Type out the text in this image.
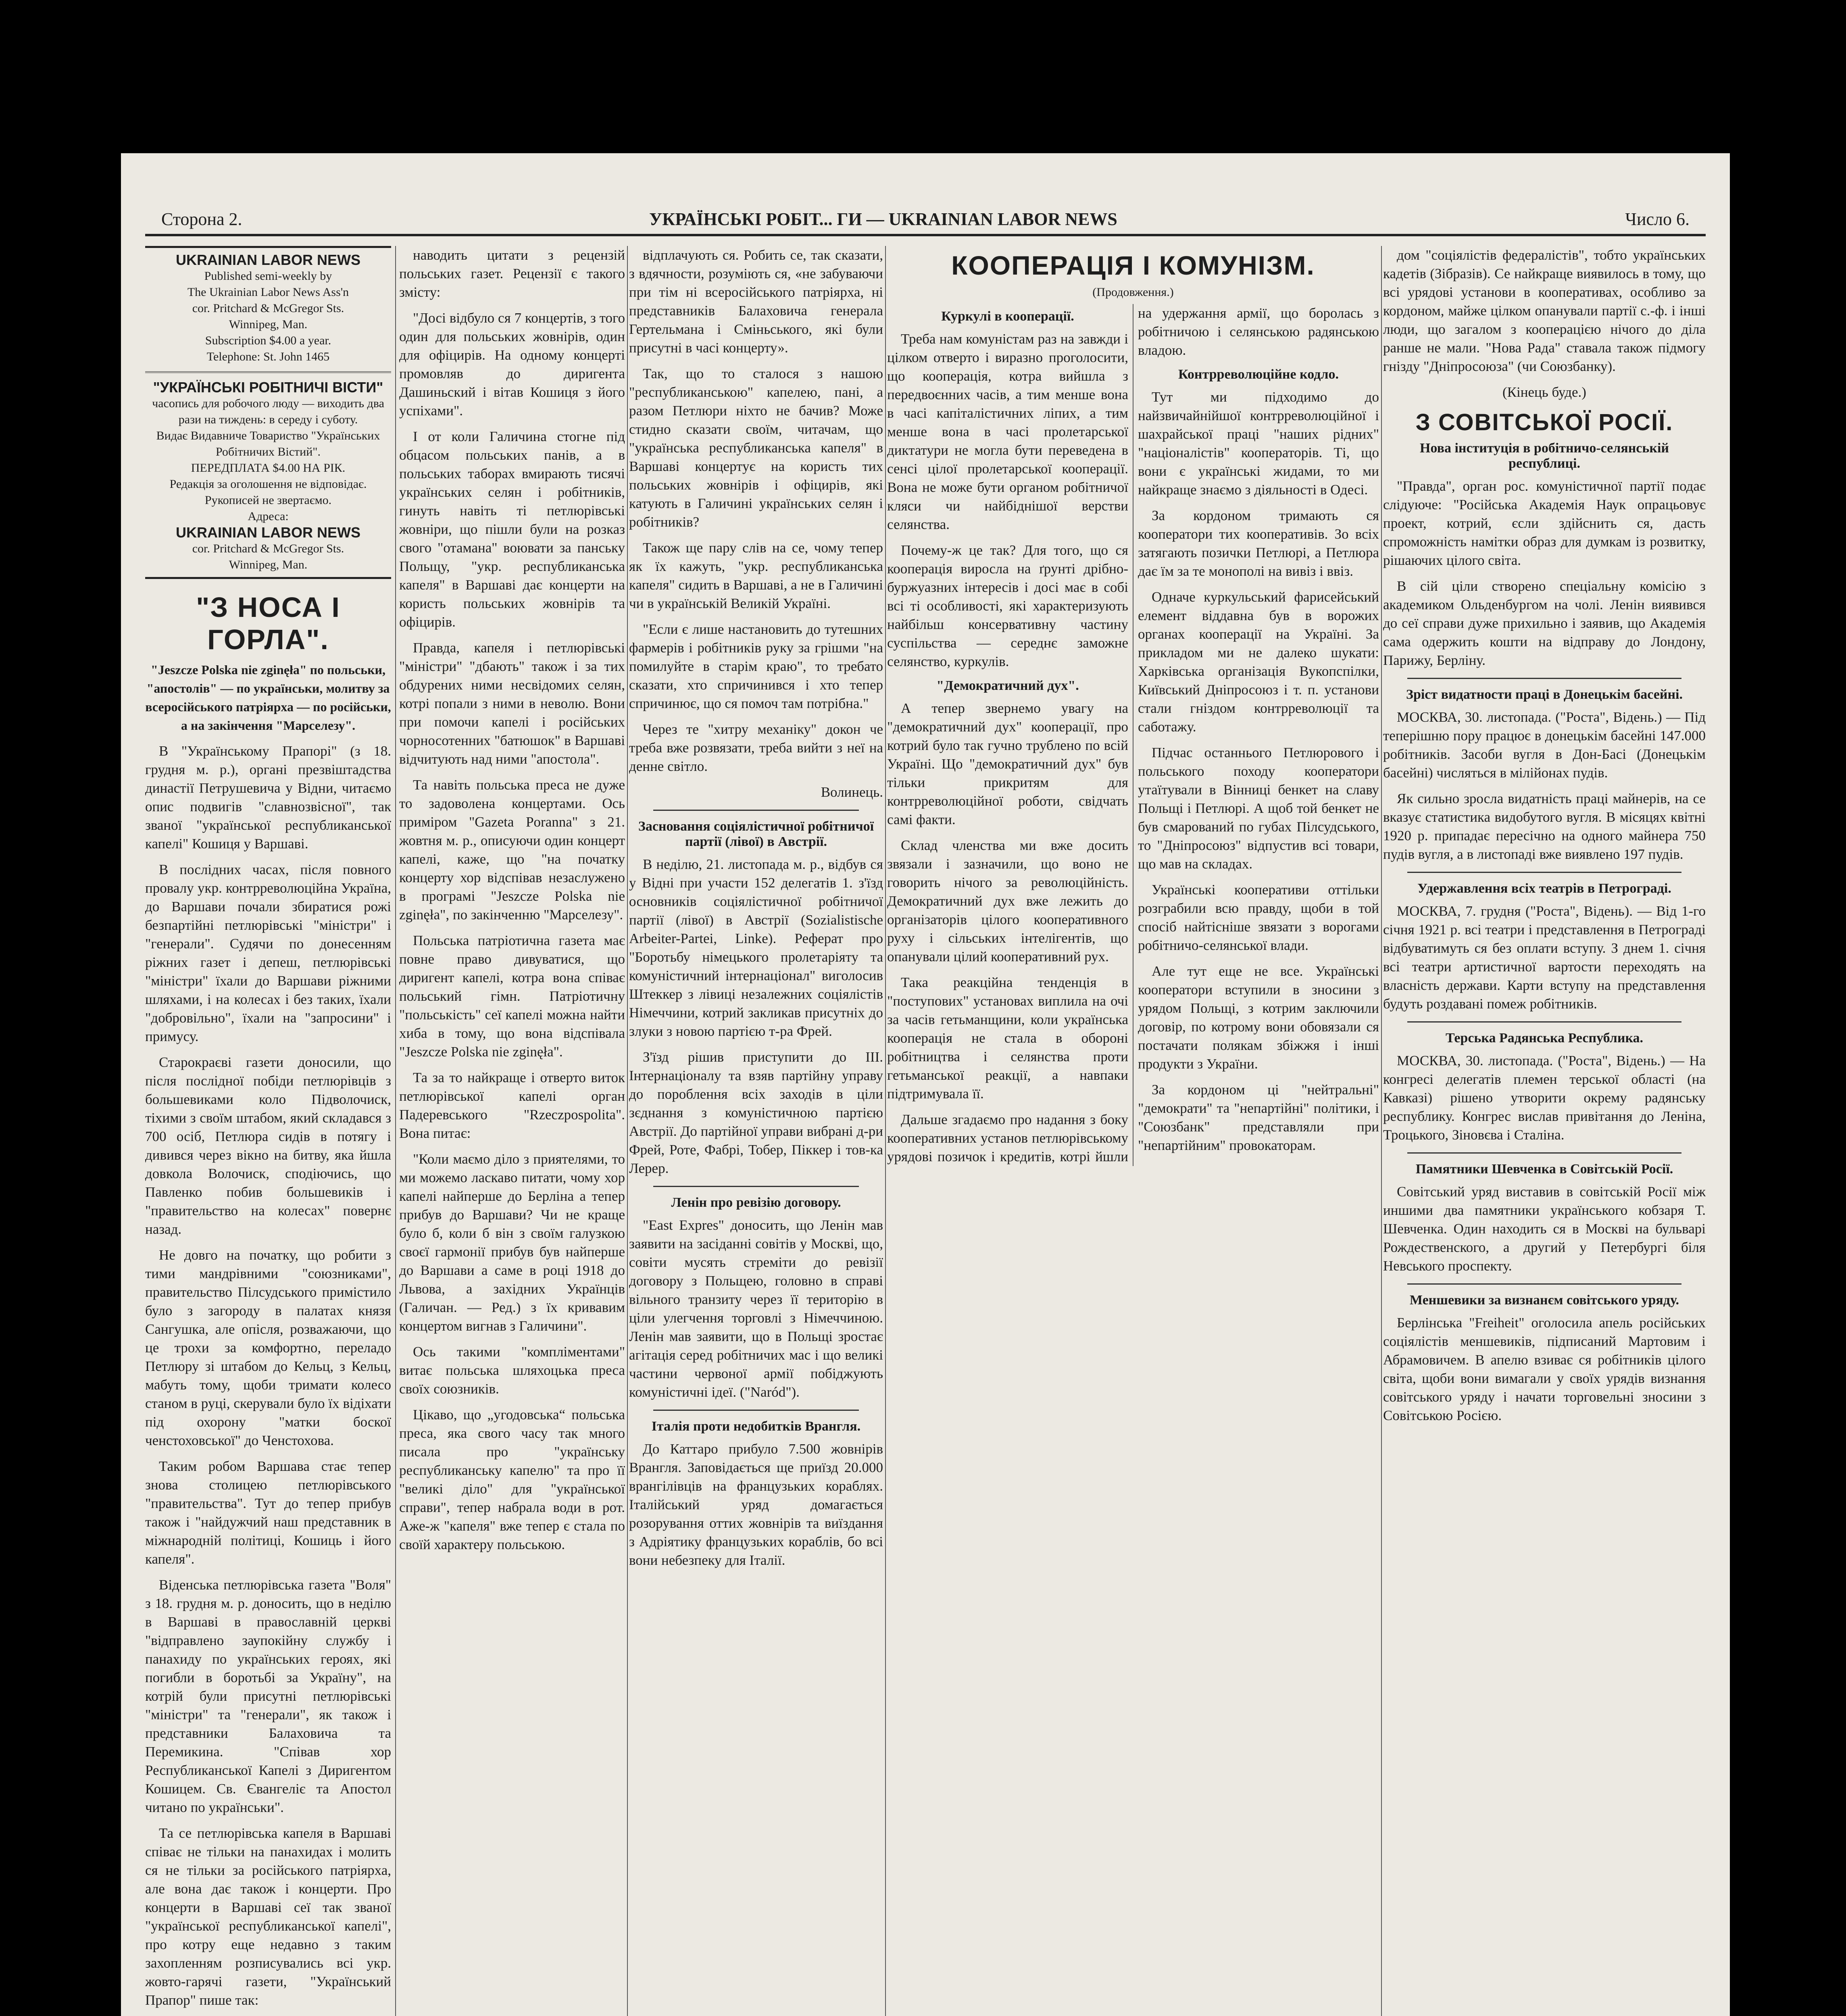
Сторона 2.	УКРАЇНСЬКІ РОБІТ... ГИ — UKRAINIAN LABOR NEWS	Число 6.
UKRAINIAN LABOR NEWS
Published semi-weekly by
The Ukrainian Labor News Ass'n
cor. Pritchard & McGregor Sts.
Winnipeg, Man.
Subscription $4.00 a year.
Telephone: St. John 1465
"УКРАЇНСЬКІ РОБІТНИЧІ ВІСТИ"
часопись для робочого люду — виходить два рази на тиждень: в середу і суботу.
Видає Видавниче Товариство "Українських Робітничих Вістий".
ПЕРЕДПЛАТА $4.00 НА РІК.
Редакція за оголошення не відповідає. Рукописей не звертаємо.
Адреса:
UKRAINIAN LABOR NEWS
cor. Pritchard & McGregor Sts.
Winnipeg, Man.
"З НОСА І ГОРЛА".

"Jeszcze Polska nie zginęła" по польськи, "апостолів" — по українськи, молитву за всеросійського патріярха — по російськи, а на закінчення "Марселезу".

В "Українському Прапорі" (з 18. грудня м. р.), органі презвіштадства династії Петрушевича у Відни, читаємо опис подвигів "славнозвісної", так званої "української республиканської капелі" Кошиця у Варшаві.

В послідних часах, після повного провалу укр. контрреволюційна Україна, до Варшави почали збиратися рожі безпартійні петлюрівські "міністри" і "генерали". Судячи по донесенням ріжних газет і депеш, петлюрівські "міністри" їхали до Варшави ріжними шляхами, і на колесах і без таких, їхали "добровільно", їхали на "запросини" і примусу.

Старокраєві газети доносили, що після послідної побіди петлюрівців з большевиками коло Підволочиск, тіхими з своїм штабом, який складався з 700 осіб, Петлюра сидів в потягу і дивився через вікно на битву, яка йшла довкола Волочиск, сподіючись, що Павленко побив большевиків і "правительство на колесах" повернє назад.

Не довго на початку, що робити з тими мандрівними "союзниками", правительство Пілсудського примістило було з загороду в палатах князя Сангушка, але опісля, розважаючи, що це трохи за комфортно, переладо Петлюру зі штабом до Кельц, з Кельц, мабуть тому, щоби тримати колесо станом в руці, скерували було їх відіхати під охорону "матки боскої ченстоховської" до Ченстохова.

Таким робом Варшава стає тепер знова столицею петлюрівського "правительства". Тут до тепер прибув також і "найдужчий наш представник в міжнародній політиці, Кошиць і його капеля".

Віденська петлюрівська газета "Воля" з 18. грудня м. р. доносить, що в неділю в Варшаві в православній церкві "відправлено заупокійну службу і панахиду по українських героях, які погибли в боротьбі за Україну", на котрій були присутні петлюрівські "міністри" та "генерали", як також і представники Балаховича та Перемикина. "Співав хор Республиканської Капелі з Диригентом Кошицем. Св. Євангеліє та Апостол читано по українськи".

Та се петлюрівська капеля в Варшаві співає не тільки на панахидах і молить ся не тільки за російського патріярха, але вона дає також і концерти. Про концерти в Варшаві сеї так званої "української республиканської капелі", про котру еще недавно з таким захопленням розписувались всі укр. жовто-гарячі газети, "Український Прапор" пише так:

наводить цитати з рецензій польських газет. Рецензії є такого змісту:

"Досі відбуло ся 7 концертів, з того один для польських жовнірів, один для офіцирів. На одному концерті промовляв до диригента Дашиньский і вітав Кошиця з його успіхами".

І от коли Галичина стогне під обцасом польських панів, а в польських таборах вмирають тисячі українських селян і робітників, гинуть навіть ті петлюрівські жовніри, що пішли були на розказ свого "отамана" воювати за панську Польщу, "укр. республиканська капеля" в Варшаві дає концерти на користь польських жовнірів та офіцирів.

Правда, капеля і петлюрівські "міністри" "дбають" також і за тих обдурених ними несвідомих селян, котрі попали з ними в неволю. Вони при помочи капелі і російських чорносотенних "батюшок" в Варшаві відчитують над ними "апостола".

Та навіть польська преса не дуже то задоволена концертами. Ось приміром "Gazeta Poranna" з 21. жовтня м. р., описуючи один концерт капелі, каже, що "на початку концерту хор відспівав незаслужено в програмі "Jeszcze Polska nie zginęła", по закінченню "Марселезу".

Польська патріотична газета має повне право дивуватися, що диригент капелі, котра вона співає польський гімн. Патріотичну "польськість" сеї капелі можна найти хиба в тому, що вона відспівала "Jeszcze Polska nie zginęła".

Та за то найкраще і отверто виток петлюрівської капелі орган Падеревського "Rzeczpospolita". Вона питає:

"Коли маємо діло з приятелями, то ми можемо ласкаво питати, чому хор капелі найперше до Берліна а тепер прибув до Варшави? Чи не краще було б, коли б він з своїм галузкою своєї гармонії прибув був найперше до Варшави а саме в році 1918 до Львова, а західних Українців (Галичан. — Ред.) з їх кривавим концертом вигнав з Галичини".

Ось такими "компліментами" витає польська шляхоцька преса своїх союзників.

Цікаво, що „угодовська“ польська преса, яка свого часу так много писала про "українську республиканську капелю" та про її "великі діло" для "української справи", тепер набрала води в рот. Аже-ж "капеля" вже тепер є стала по своїй характеру польською.

відплачують ся. Робить се, так сказати, з вдячности, розуміють ся, «не забуваючи при тім ні всеросійського патріярха, ні представників Балаховича генерала Гертельмана і Сміньського, які були присутні в часі концерту».

Так, що то сталося з нашою "республиканською" капелею, пані, а разом Петлюри ніхто не бачив? Може стидно сказати своїм, читачам, що "українська республиканська капеля" в Варшаві концертує на користь тих польських жовнірів і офіцирів, які катують в Галичині українських селян і робітників?

Також ще пару слів на се, чому тепер як їх кажуть, "укр. республиканська капеля" сидить в Варшаві, а не в Галичині чи в українській Великій Україні.

"Если є лише настановить до тутешних фармерів і робітників руку за грішми "на помилуйте в старім краю", то требато сказати, хто спричинився і хто тепер спричинює, що ся помоч там потрібна."

Через те "хитру механіку" докон че треба вже розвязати, треба вийти з неї на денне світло.

Волинець.

Засновання соціялістичної робітничої партії (лівої) в Австрії.

В неділю, 21. листопада м. р., відбув ся у Відні при участи 152 делегатів 1. з'їзд основників соціялістичної робітничої партії (лівої) в Австрії (Sozialistische Arbeiter-Partei, Linke). Реферат про "Боротьбу німецького пролетаріяту та комуністичний інтернаціонал" виголосив Штеккер з лівиці незалежних соціялістів Німеччини, котрий закликав присутніх до злуки з новою партією т-ра Фрей.

З'їзд рішив приступити до ІІІ. Інтернаціоналу та взяв партійну управу до пороблення всіх заходів в ціли зєднання з комуністичною партією Австрії. До партійної управи вибрані д-ри Фрей, Роте, Фабрі, Тобер, Піккер і тов-ка Лерер.

Ленін про ревізію договору.

"East Expres" доносить, що Ленін мав заявити на засіданні совітів у Москві, що, совіти мусять стреміти до ревізії договору з Польщею, головно в справі вільного транзиту через її територію в ціли улегчення торговлі з Німеччиною. Ленін мав заявити, що в Польщі зростає агітація серед робітничих мас і що великі частини червоної армії побіджують комуністичні ідеї. ("Naród").

Італія проти недобитків Врангля.

До Каттаро прибуло 7.500 жовнірів Врангля. Заповідається ще приїзд 20.000 врангілівців на французьких кораблях. Італійський уряд домагається розорування оттих жовнірів та виїздання з Адріятику французьких кораблів, бо всі вони небезпеку для Італії.

КООПЕРАЦІЯ І КОМУНІЗМ.
(Продовження.)
Куркулі в кооперації.

Треба нам комуністам раз на завжди і цілком отверто і виразно проголосити, що кооперація, котра вийшла з передвоєнних часів, а тим менше вона в часі капіталістичних ліпих, а тим менше вона в часі пролетарської диктатури не могла бути переведена в сенсі цілої пролетарської кооперації. Вона не може бути органом робітничої кляси чи найбіднішої верстви селянства.

Почему-ж це так? Для того, що ся кооперація виросла на ґрунті дрібно-буржуазних інтересів і досі має в собі всі ті особливості, які характеризують найбільш консервативну частину суспільства — середнє заможне селянство, куркулів.

"Демократичний дух".

А тепер звернемо увагу на "демократичний дух" кооперації, про котрий було так гучно трублено по всій Україні. Що "демократичний дух" був тільки прикритям для контрреволюційної роботи, свідчать самі факти.

Склад членства ми вже досить звязали і зазначили, що воно не говорить нічого за революційність. Демократичний дух вже лежить до організаторів цілого кооперативного руху і сільських інтелігентів, що опанували цілий кооперативний рух.

Така реакційна тенденція в "поступових" установах виплила на очі за часів гетьманщини, коли українська кооперація не стала в обороні робітництва і селянства проти гетьманської реакції, а навпаки підтримувала її.

Дальше згадаємо про надання з боку кооперативних установ петлюрівському урядові позичок і кредитів, котрі йшли на удержання армії, що боролась з робітничою і селянською радянською владою.

Контрреволюційне кодло.

Тут ми підходимо до найзвичайнійшої контрреволюційної і шахрайської праці "наших рідних" "націоналістів" кооператорів. Ті, що вони є українські жидами, то ми найкраще знаємо з діяльності в Одесі.

За кордоном тримають ся кооператори тих кооперативів. Зо всіх затягають позички Петлюрі, а Петлюра дає їм за те монополі на вивіз і ввіз.

Одначе куркульський фарисейський елемент віддавна був в ворожих органах кооперації на Україні. За прикладом ми не далеко шукати: Харківська організація Вукопспілки, Київський Дніпросоюз і т. п. установи стали гніздом контрреволюції та саботажу.

Підчас останнього Петлюрового і польського походу кооператори утаїтували в Вінниці бенкет на славу Польщі і Петлюрі. А щоб той бенкет не був смарований по губах Пілсудського, то "Дніпросоюз" відпустив всі товари, що мав на складах.

Українські кооперативи оттільки розграбили всю правду, щоби в той спосіб найтісніше звязати з ворогами робітничо-селянської влади.

Але тут еще не все. Українські кооператори вступили в зносини з урядом Польщі, з котрим заключили договір, по котрому вони обовязали ся постачати полякам збіжжя і інші продукти з України.

За кордоном ці "нейтральні" "демократи" та "непартійні" політики, і "Союзбанк" представляли при "непартійним" провокаторам.

дом "соціялістів федералістів", тобто українських кадетів (Зібразів). Се найкраще виявилось в тому, що всі урядові установи в кооперативах, особливо за кордоном, майже цілком опанували партії с.-ф. і інші люди, що загалом з кооперацією нічого до діла ранше не мали. "Нова Рада" ставала також підмогу гнізду "Дніпросоюза" (чи Союзбанку).

(Кінець буде.)

З СОВІТСЬКОЇ РОСІЇ.
Нова інституція в робітничо-селянській республиці.

"Правда", орган рос. комуністичної партії подає слідуюче: "Російська Академія Наук опрацьовує проект, котрий, єсли здійснить ся, дасть спроможність намітки образ для думкам із розвитку, рішаючих цілого світа.

В сій ціли створено спеціальну комісію з академиком Ольденбургом на чолі. Ленін виявився до сеї справи дуже прихильно і заявив, що Академія сама одержить кошти на відправу до Лондону, Парижу, Берліну.

Зріст видатности праці в Донецькім басейні.

МОСКВА, 30. листопада. ("Роста", Відень.) — Під теперішню пору працює в донецькім басейні 147.000 робітників. Засоби вугля в Дон-Басі (Донецькім басейні) числяться в мілійонах пудів.

Як сильно зросла видатність праці майнерів, на се вказує статистика видобутого вугля. В місяцях квітні 1920 р. припадає пересічно на одного майнера 750 пудів вугля, а в листопаді вже виявлено 197 пудів.

Удержавлення всіх театрів в Петрограді.

МОСКВА, 7. грудня ("Роста", Відень). — Від 1-го січня 1921 р. всі театри і представлення в Петрограді відбуватимуть ся без оплати вступу. З днем 1. січня всі театри артистичної вартости переходять на власність держави. Карти вступу на представлення будуть роздавані помеж робітників.

Терська Радянська Республика.

МОСКВА, 30. листопада. ("Роста", Відень.) — На конгресі делегатів племен терської області (на Кавказі) рішено утворити окрему радянську республику. Конгрес вислав привітання до Леніна, Троцького, Зіновєва і Сталіна.

Памятники Шевченка в Совітській Росії.

Совітський уряд виставив в совітській Росії між иншими два памятники українського кобзаря Т. Шевченка. Один находить ся в Москві на бульварі Рождественского, а другий у Петербургі біля Невського проспекту.

Меншевики за визнанєм совітського уряду.

Берлінська "Freiheit" оголосила апель російських соціялістів меншевиків, підписаний Мартовим і Абрамовичем. В апелю взиває ся робітників цілого світа, щоби вони вимагали у своїх урядів визнання совітського уряду і начати торговельні зносини з Совітською Росією.
